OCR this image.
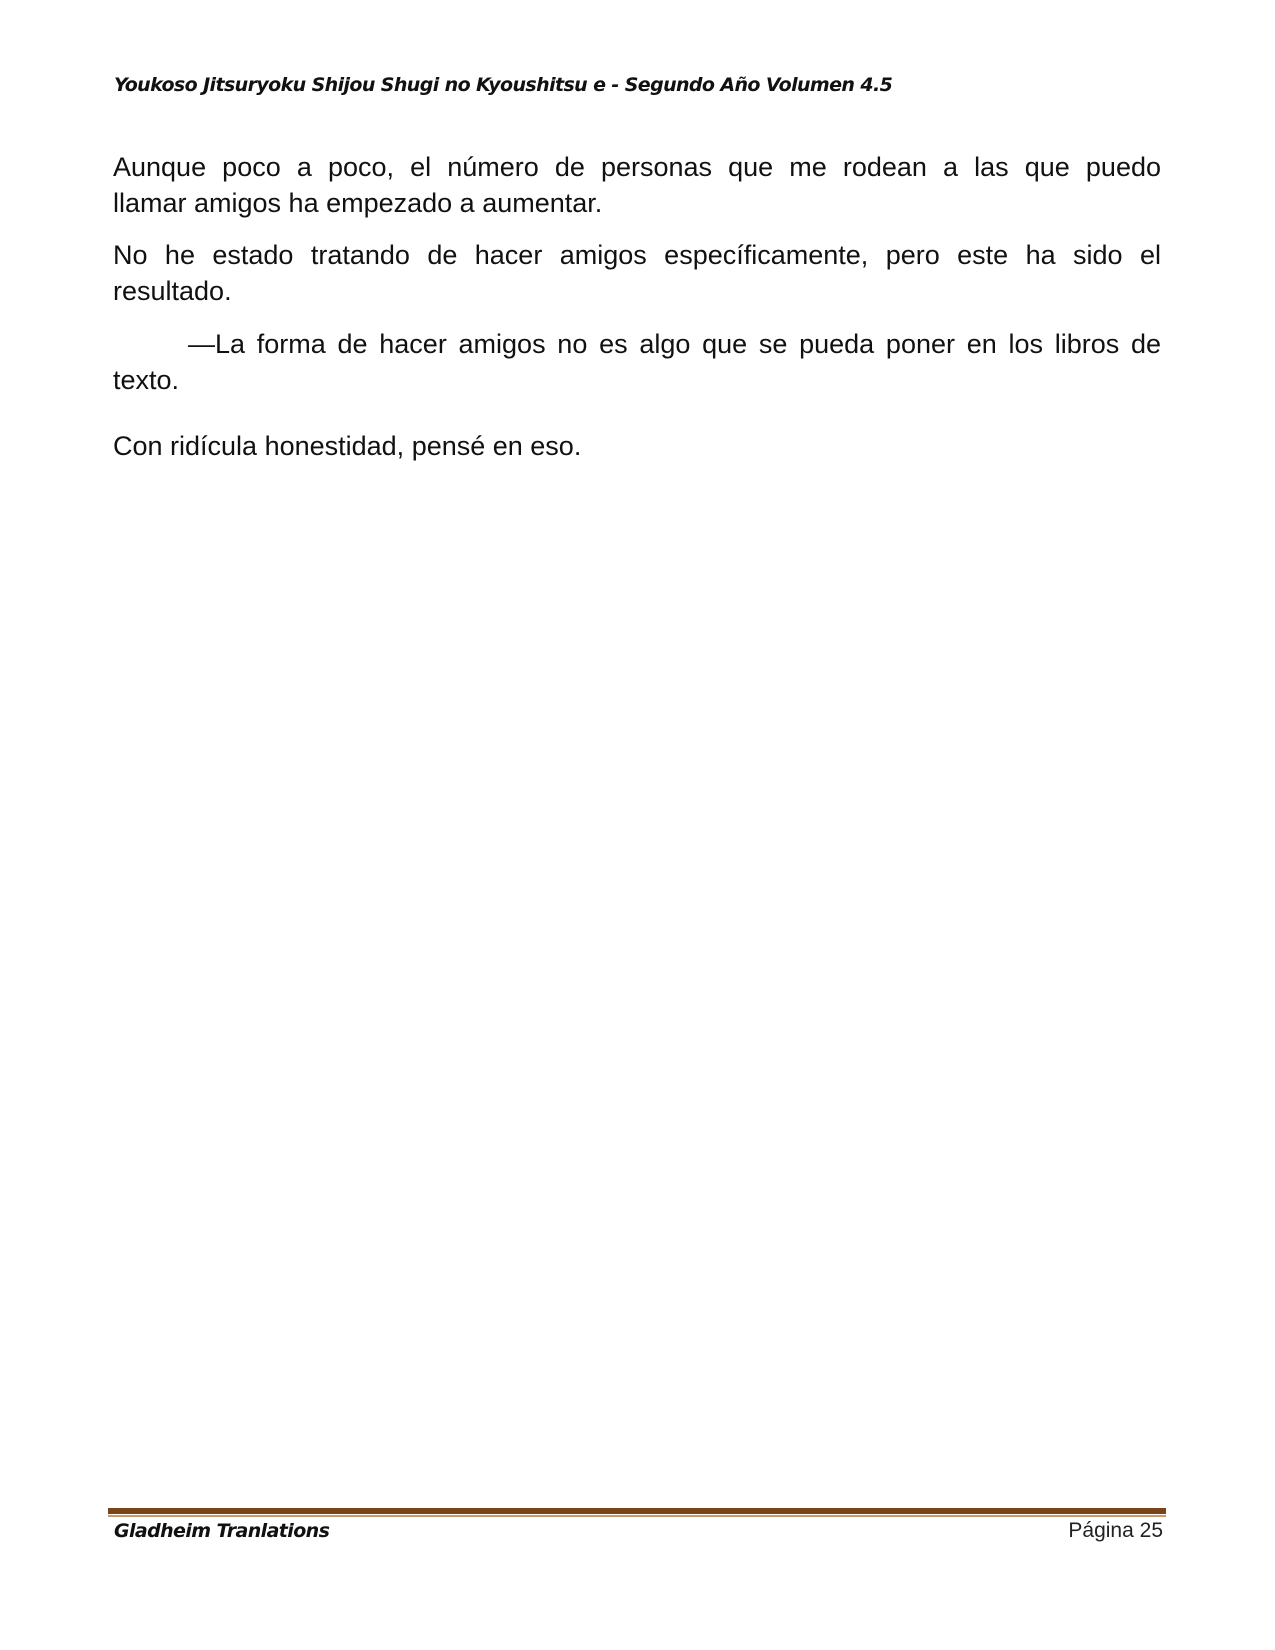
Youkoso Jitsuryoku Shijou Shugi no Kyoushitsu e - Segundo Año Volumen 4.5
Aunque poco a poco, el número de personas que me rodean a las que puedo
llamar amigos ha empezado a aumentar.
No he estado tratando de hacer amigos específicamente, pero este ha sido el
resultado.
—La forma de hacer amigos no es algo que se pueda poner en los libros de
texto.
Con ridícula honestidad, pensé en eso.
Gladheim Tranlations	Página 25
